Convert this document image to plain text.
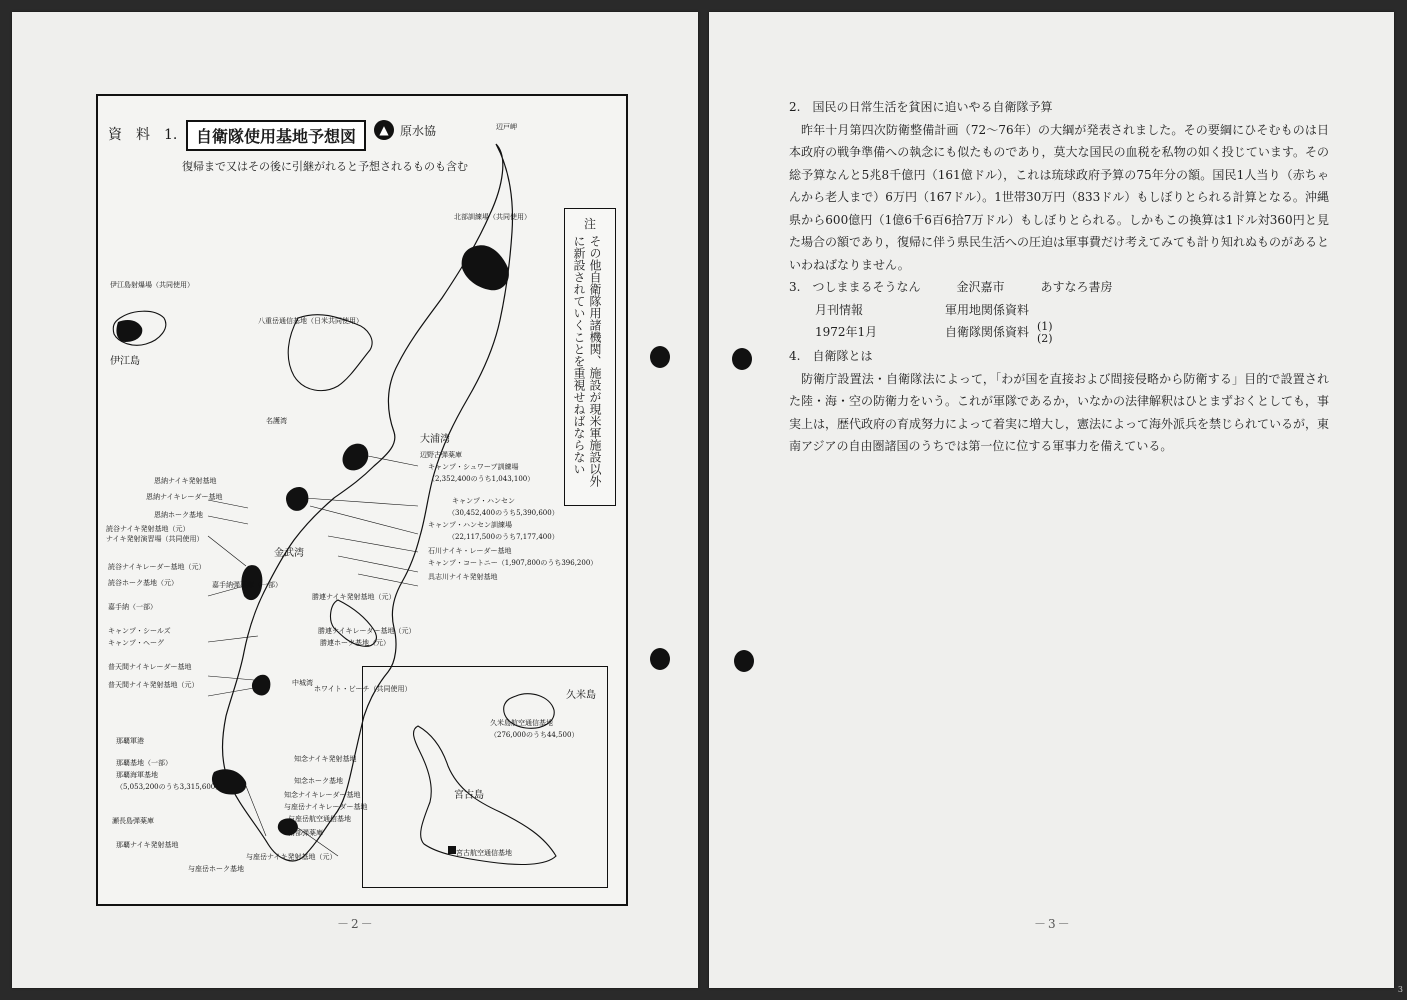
資　料　1.	自衛隊使用基地予想図	▲ 原水協
復帰まで又はその後に引継がれると予想されるものも含む
注
その他自衛隊用諸機関、施設が現米軍施設以外に新設されていくことを重視せねばならない
辺戸岬
北部訓練場（共同使用）
伊江島射爆場（共同使用）
伊江島
八重岳通信基地（日米共同使用）
名護湾
大浦湾
辺野古弾薬庫
キャンプ・シュワーブ訓練場
（2,352,400のうち1,043,100）
恩納ナイキ発射基地
恩納ナイキレーダー基地
恩納ホーク基地
読谷ナイキ発射基地（元）
ナイキ発射演習場（共同使用）
キャンプ・ハンセン
（30,452,400のうち5,390,600）
キャンプ・ハンセン訓練場
（22,117,500のうち7,177,400）
石川ナイキ・レーダー基地
キャンプ・コートニー（1,907,800のうち396,200）
具志川ナイキ発射基地
金武湾
読谷ナイキレーダー基地（元）
読谷ホーク基地（元）	嘉手納弾薬庫（一部）
勝連ナイキ発射基地（元）
嘉手納（一部）
キャンプ・シールズ
キャンプ・ヘーグ
普天間ナイキレーダー基地
普天間ナイキ発射基地（元）
勝連ナイキレーダー基地（元）
勝連ホーク基地（元）
ホワイト・ビーチ（共同使用）
中城湾
那覇軍港
那覇基地（一部）
那覇海軍基地
（5,053,200のうち3,315,600）
知念ナイキ発射基地
知念ホーク基地
知念ナイキレーダー基地
与座岳ナイキレーダー基地
与座岳航空通信基地
南部弾薬庫
瀬長島弾薬庫
那覇ナイキ発射基地
与座岳ホーク基地
与座岳ナイキ発射基地（元）
久米島
久米島航空通信基地
（276,000のうち44,500）
宮古島
宮古航空通信基地
－2－

2.　国民の日常生活を貧困に追いやる自衛隊予算

昨年十月第四次防衛整備計画（72～76年）の大綱が発表されました。その要綱にひそむものは日本政府の戦争準備への執念にも似たものであり，莫大な国民の血税を私物の如く投じています。その総予算なんと5兆8千億円（161億ドル），これは琉球政府予算の75年分の額。国民1人当り（赤ちゃんから老人まで）6万円（167ドル）。1世帯30万円（833ドル）もしぼりとられる計算となる。沖縄県から600億円（1億6千6百6拾7万ドル）もしぼりとられる。しかもこの換算は1ドル対360円と見た場合の額であり，復帰に伴う県民生活への圧迫は軍事費だけ考えてみても計り知れぬものがあるといわねばなりません。

3.　つしままるそうなん　　　金沢嘉市　　　あすなろ書房

月刊情報	軍用地関係資料
1972年1月	自衛隊関係資料 (1)
(2)

4.　自衛隊とは

防衛庁設置法・自衛隊法によって，「わが国を直接および間接侵略から防衛する」目的で設置された陸・海・空の防衛力をいう。これが軍隊であるか，いなかの法律解釈はひとまずおくとしても，事実上は，歴代政府の育成努力によって着実に増大し，憲法によって海外派兵を禁じられているが，東南アジアの自由圏諸国のうちでは第一位に位する軍事力を備えている。

－3－
3
